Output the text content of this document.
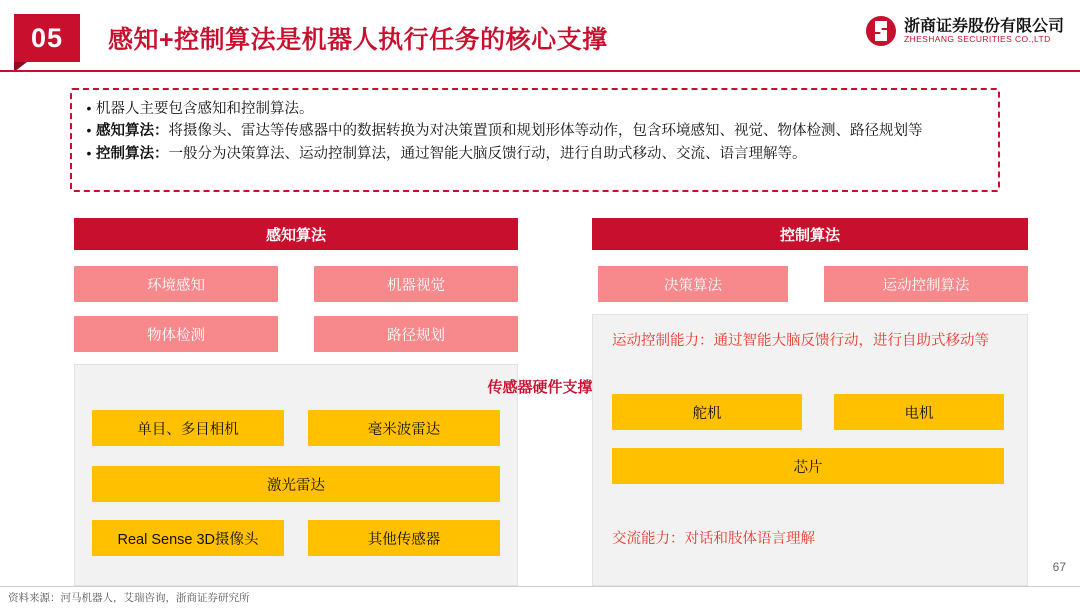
05	感知+控制算法是机器人执行任务的核心支撑	浙商证券股份有限公司
ZHESHANG SECURITIES CO.,LTD
• 机器人主要包含感知和控制算法。
• 感知算法：将摄像头、雷达等传感器中的数据转换为对决策置顶和规划形体等动作，包含环境感知、视觉、物体检测、路径规划等
• 控制算法：一般分为决策算法、运动控制算法，通过智能大脑反馈行动，进行自助式移动、交流、语言理解等。
感知算法	控制算法
环境感知	机器视觉
物体检测	路径规划
决策算法	运动控制算法
传感器硬件支撑
单目、多目相机	毫米波雷达
激光雷达
Real Sense 3D摄像头	其他传感器
运动控制能力：通过智能大脑反馈行动，进行自助式移动等
舵机	电机
芯片
交流能力：对话和肢体语言理解
67
资料来源：河马机器人，艾瑞咨询，浙商证券研究所
